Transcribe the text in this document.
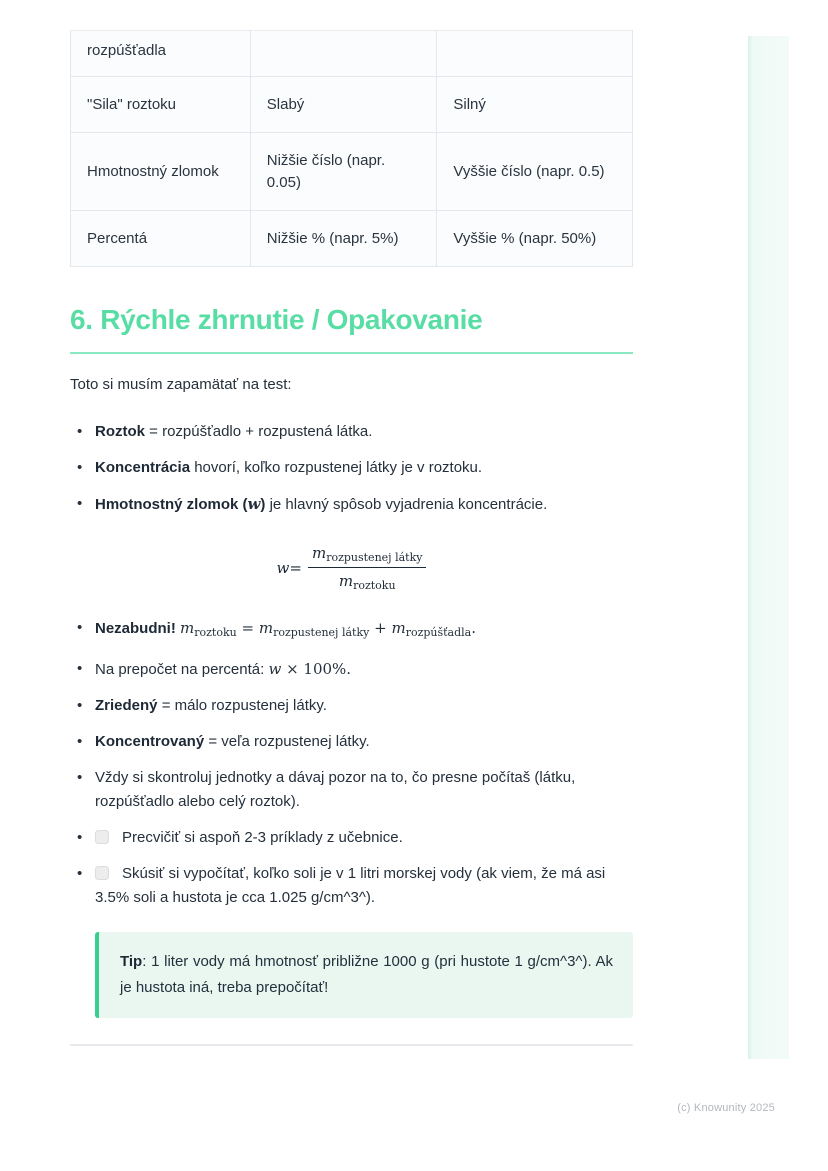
rozpúšťadla		
"Sila" roztoku	Slabý	Silný
Hmotnostný zlomok	Nižšie číslo (napr. 0.05)	Vyššie číslo (napr. 0.5)
Percentá	Nižšie % (napr. 5%)	Vyššie % (napr. 50%)
6. Rýchle zhrnutie / Opakovanie

Toto si musím zapamätať na test:

• Roztok = rozpúšťadlo + rozpustená látka.
• Koncentrácia hovorí, koľko rozpustenej látky je v roztoku.
• Hmotnostný zlomok (w) je hlavný spôsob vyjadrenia koncentrácie.
$w = \frac{\text{mrozpustenej látky}}{\text{mroztoku}}$
• Nezabudni! $m_{roztoku} = m_{rozpustenej látky} + m_{rozpúšťadla}$.
• Na prepočet na percentá: w × 100%.
• Zriedený = málo rozpustenej látky.
• Koncentrovaný = veľa rozpustenej látky.
• Vždy si skontroluj jednotky a dávaj pozor na to, čo presne počítaš (látku, rozpúšťadlo alebo celý roztok).
• Precvičiť si aspoň 2-3 príklady z učebnice.
• Skúsiť si vypočítať, koľko soli je v 1 litri morskej vody (ak viem, že má asi 3.5% soli a hustota je cca 1.025 g/cm^3^).
Tip: 1 liter vody má hmotnosť približne 1000 g (pri hustote 1 g/cm^3^). Ak je hustota iná, treba prepočítať!
(c) Knowunity 2025
